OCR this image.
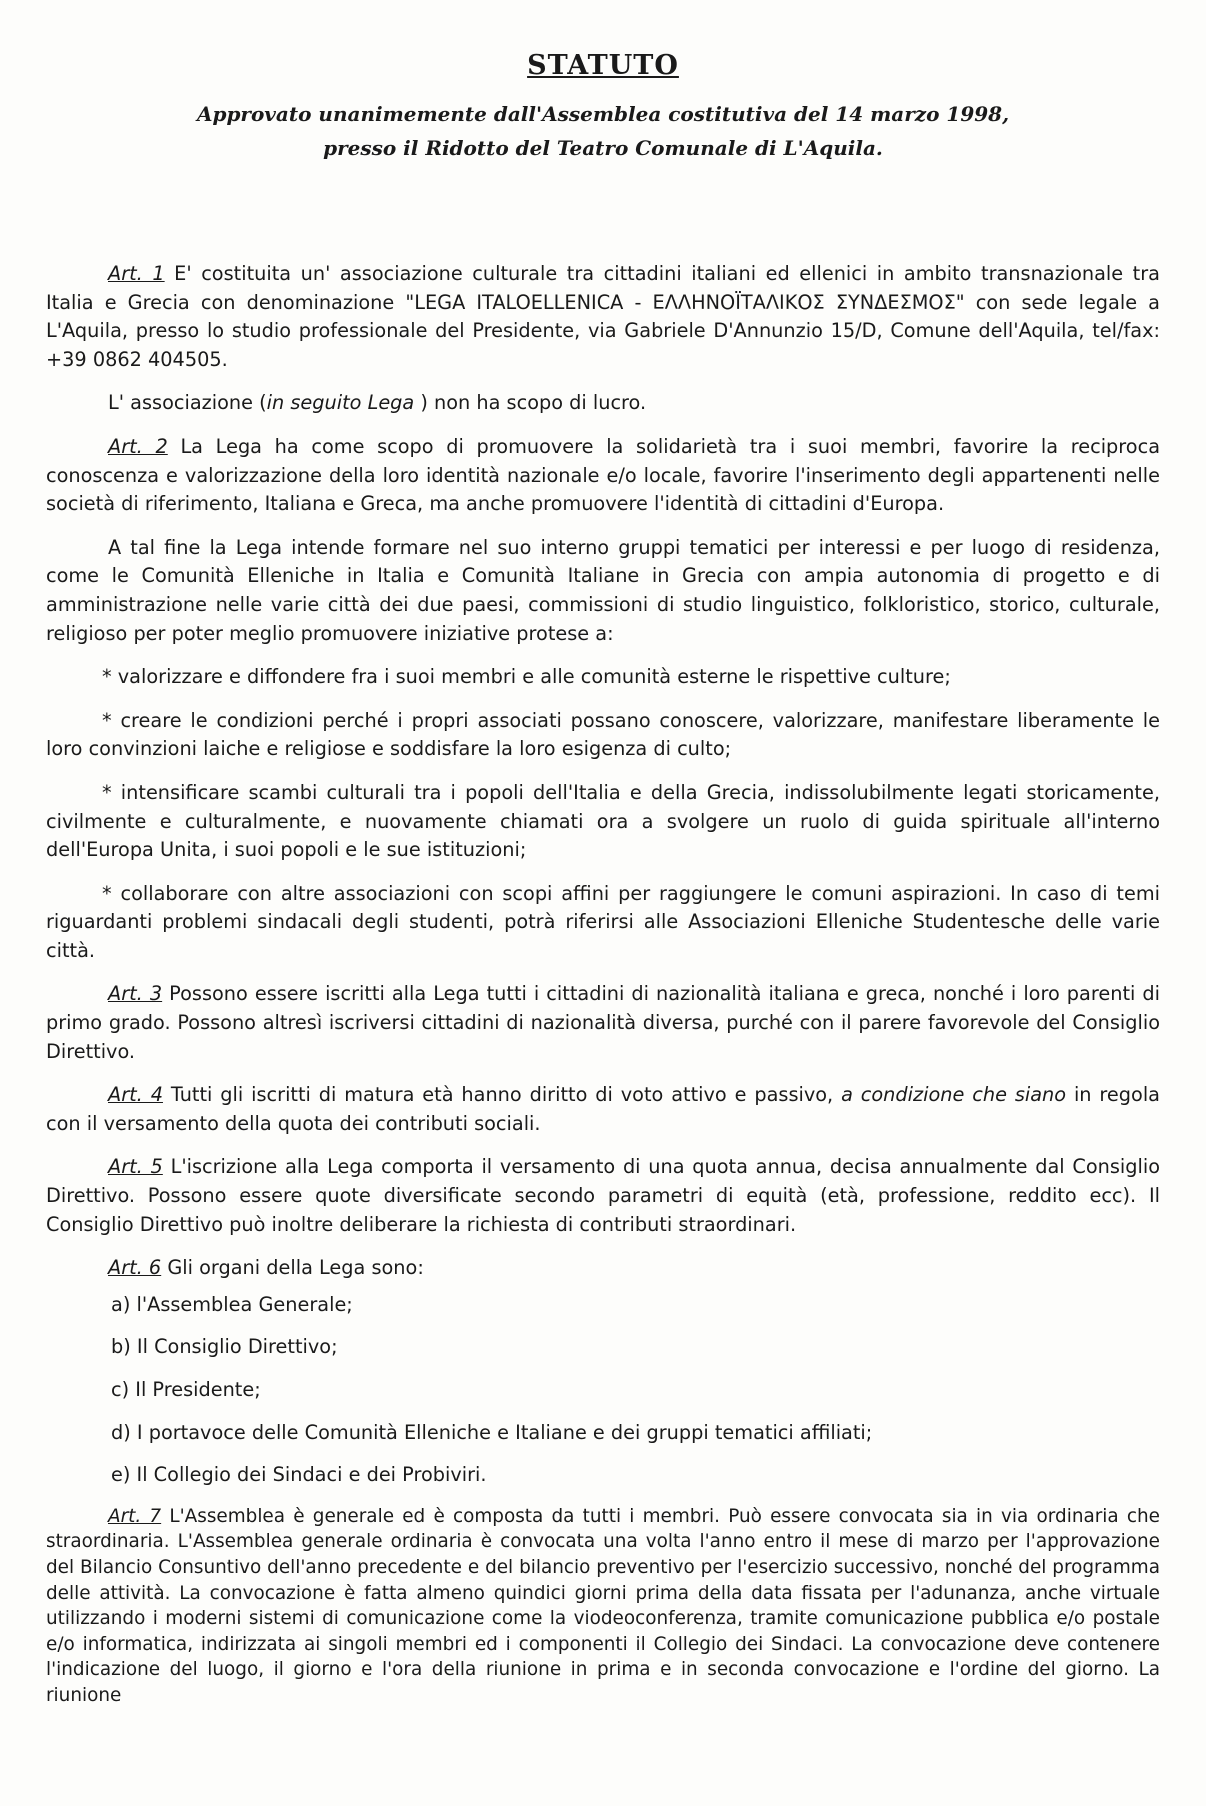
STATUTO
Approvato unanimemente dall'Assemblea costitutiva del 14 marzo 1998,
presso il Ridotto del Teatro Comunale di L'Aquila.

Art. 1 E' costituita un' associazione culturale tra cittadini italiani ed ellenici in ambito transnazionale tra Italia e Grecia con denominazione "LEGA ITALOELLENICA - ΕΛΛΗΝΟΪΤΑΛΙΚΟΣ ΣΥΝΔΕΣΜΟΣ" con sede legale a L'Aquila, presso lo studio professionale del Presidente, via Gabriele D'Annunzio 15/D, Comune dell'Aquila, tel/fax: +39 0862 404505.

L' associazione (in seguito Lega ) non ha scopo di lucro.

Art. 2 La Lega ha come scopo di promuovere la solidarietà tra i suoi membri, favorire la reciproca conoscenza e valorizzazione della loro identità nazionale e/o locale, favorire l'inserimento degli appartenenti nelle società di riferimento, Italiana e Greca, ma anche promuovere l'identità di cittadini d'Europa.

A tal fine la Lega intende formare nel suo interno gruppi tematici per interessi e per luogo di residenza, come le Comunità Elleniche in Italia e Comunità Italiane in Grecia con ampia autonomia di progetto e di amministrazione nelle varie città dei due paesi, commissioni di studio linguistico, folkloristico, storico, culturale, religioso per poter meglio promuovere iniziative protese a:

* valorizzare e diffondere fra i suoi membri e alle comunità esterne le rispettive culture;

* creare le condizioni perché i propri associati possano conoscere, valorizzare, manifestare liberamente le loro convinzioni laiche e religiose e soddisfare la loro esigenza di culto;

* intensificare scambi culturali tra i popoli dell'Italia e della Grecia, indissolubilmente legati storicamente, civilmente e culturalmente, e nuovamente chiamati ora a svolgere un ruolo di guida spirituale all'interno dell'Europa Unita, i suoi popoli e le sue istituzioni;

* collaborare con altre associazioni con scopi affini per raggiungere le comuni aspirazioni. In caso di temi riguardanti problemi sindacali degli studenti, potrà riferirsi alle Associazioni Elleniche Studentesche delle varie città.

Art. 3 Possono essere iscritti alla Lega tutti i cittadini di nazionalità italiana e greca, nonché i loro parenti di primo grado. Possono altresì iscriversi cittadini di nazionalità diversa, purché con il parere favorevole del Consiglio Direttivo.

Art. 4 Tutti gli iscritti di matura età hanno diritto di voto attivo e passivo, a condizione che siano in regola con il versamento della quota dei contributi sociali.

Art. 5 L'iscrizione alla Lega comporta il versamento di una quota annua, decisa annualmente dal Consiglio Direttivo. Possono essere quote diversificate secondo parametri di equità (età, professione, reddito ecc). Il Consiglio Direttivo può inoltre deliberare la richiesta di contributi straordinari.

Art. 6 Gli organi della Lega sono:

a) l'Assemblea Generale;

b) Il Consiglio Direttivo;

c) Il Presidente;

d) I portavoce delle Comunità Elleniche e Italiane e dei gruppi tematici affiliati;

e) Il Collegio dei Sindaci e dei Probiviri.

Art. 7 L'Assemblea è generale ed è composta da tutti i membri. Può essere convocata sia in via ordinaria che straordinaria. L'Assemblea generale ordinaria è convocata una volta l'anno entro il mese di marzo per l'approvazione del Bilancio Consuntivo dell'anno precedente e del bilancio preventivo per l'esercizio successivo, nonché del programma delle attività. La convocazione è fatta almeno quindici giorni prima della data fissata per l'adunanza, anche virtuale utilizzando i moderni sistemi di comunicazione come la viodeoconferenza, tramite comunicazione pubblica e/o postale e/o informatica, indirizzata ai singoli membri ed i componenti il Collegio dei Sindaci. La convocazione deve contenere l'indicazione del luogo, il giorno e l'ora della riunione in prima e in seconda convocazione e l'ordine del giorno. La riunione
